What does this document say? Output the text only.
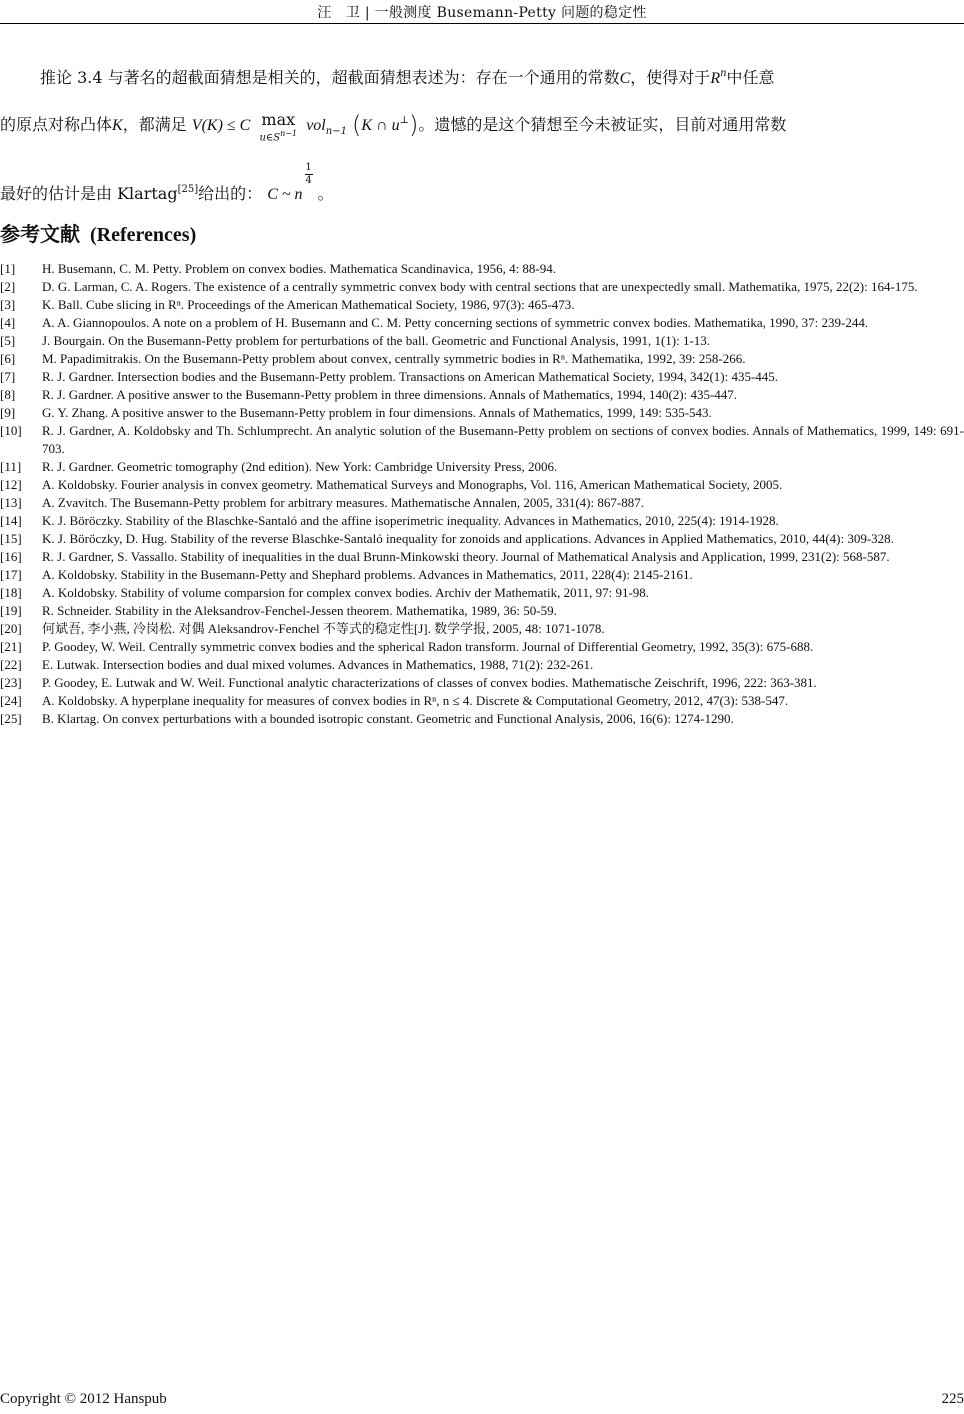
汪　卫 | 一般测度 Busemann-Petty 问题的稳定性
推论 3.4 与著名的超截面猜想是相关的，超截面猜想表述为：存在一个通用的常数C，使得对于$R^n$中任意
的原点对称凸体K，都满足 V(K) ≤ C max
$u\in S^{n-1}$ vol$_{n-1}$ (K ∩ u⊥)。遗憾的是这个猜想至今未被证实，目前对通用常数
最好的估计是由 Klartag[25]给出的： C ~ $n\frac{1}{4}$ 。
参考文献 (References)
[1] H. Busemann, C. M. Petty. Problem on convex bodies. Mathematica Scandinavica, 1956, 4: 88-94.
[2] D. G. Larman, C. A. Rogers. The existence of a centrally symmetric convex body with central sections that are unexpectedly small. Mathematika, 1975, 22(2): 164-175.
[3] K. Ball. Cube slicing in Rⁿ. Proceedings of the American Mathematical Society, 1986, 97(3): 465-473.
[4] A. A. Giannopoulos. A note on a problem of H. Busemann and C. M. Petty concerning sections of symmetric convex bodies. Mathematika, 1990, 37: 239-244.
[5] J. Bourgain. On the Busemann-Petty problem for perturbations of the ball. Geometric and Functional Analysis, 1991, 1(1): 1-13.
[6] M. Papadimitrakis. On the Busemann-Petty problem about convex, centrally symmetric bodies in Rⁿ. Mathematika, 1992, 39: 258-266.
[7] R. J. Gardner. Intersection bodies and the Busemann-Petty problem. Transactions on American Mathematical Society, 1994, 342(1): 435-445.
[8] R. J. Gardner. A positive answer to the Busemann-Petty problem in three dimensions. Annals of Mathematics, 1994, 140(2): 435-447.
[9] G. Y. Zhang. A positive answer to the Busemann-Petty problem in four dimensions. Annals of Mathematics, 1999, 149: 535-543.
[10] R. J. Gardner, A. Koldobsky and Th. Schlumprecht. An analytic solution of the Busemann-Petty problem on sections of convex bodies. Annals of Mathematics, 1999, 149: 691-703.
[11] R. J. Gardner. Geometric tomography (2nd edition). New York: Cambridge University Press, 2006.
[12] A. Koldobsky. Fourier analysis in convex geometry. Mathematical Surveys and Monographs, Vol. 116, American Mathematical Society, 2005.
[13] A. Zvavitch. The Busemann-Petty problem for arbitrary measures. Mathematische Annalen, 2005, 331(4): 867-887.
[14] K. J. Böröczky. Stability of the Blaschke-Santaló and the affine isoperimetric inequality. Advances in Mathematics, 2010, 225(4): 1914-1928.
[15] K. J. Böröczky, D. Hug. Stability of the reverse Blaschke-Santaló inequality for zonoids and applications. Advances in Applied Mathematics, 2010, 44(4): 309-328.
[16] R. J. Gardner, S. Vassallo. Stability of inequalities in the dual Brunn-Minkowski theory. Journal of Mathematical Analysis and Application, 1999, 231(2): 568-587.
[17] A. Koldobsky. Stability in the Busemann-Petty and Shephard problems. Advances in Mathematics, 2011, 228(4): 2145-2161.
[18] A. Koldobsky. Stability of volume comparsion for complex convex bodies. Archiv der Mathematik, 2011, 97: 91-98.
[19] R. Schneider. Stability in the Aleksandrov-Fenchel-Jessen theorem. Mathematika, 1989, 36: 50-59.
[20] 何斌吾, 李小燕, 冷岗松. 对偶 Aleksandrov-Fenchel 不等式的稳定性[J]. 数学学报, 2005, 48: 1071-1078.
[21] P. Goodey, W. Weil. Centrally symmetric convex bodies and the spherical Radon transform. Journal of Differential Geometry, 1992, 35(3): 675-688.
[22] E. Lutwak. Intersection bodies and dual mixed volumes. Advances in Mathematics, 1988, 71(2): 232-261.
[23] P. Goodey, E. Lutwak and W. Weil. Functional analytic characterizations of classes of convex bodies. Mathematische Zeischrift, 1996, 222: 363-381.
[24] A. Koldobsky. A hyperplane inequality for measures of convex bodies in Rⁿ, n ≤ 4. Discrete & Computational Geometry, 2012, 47(3): 538-547.
[25] B. Klartag. On convex perturbations with a bounded isotropic constant. Geometric and Functional Analysis, 2006, 16(6): 1274-1290.
Copyright © 2012 Hanspub	225
